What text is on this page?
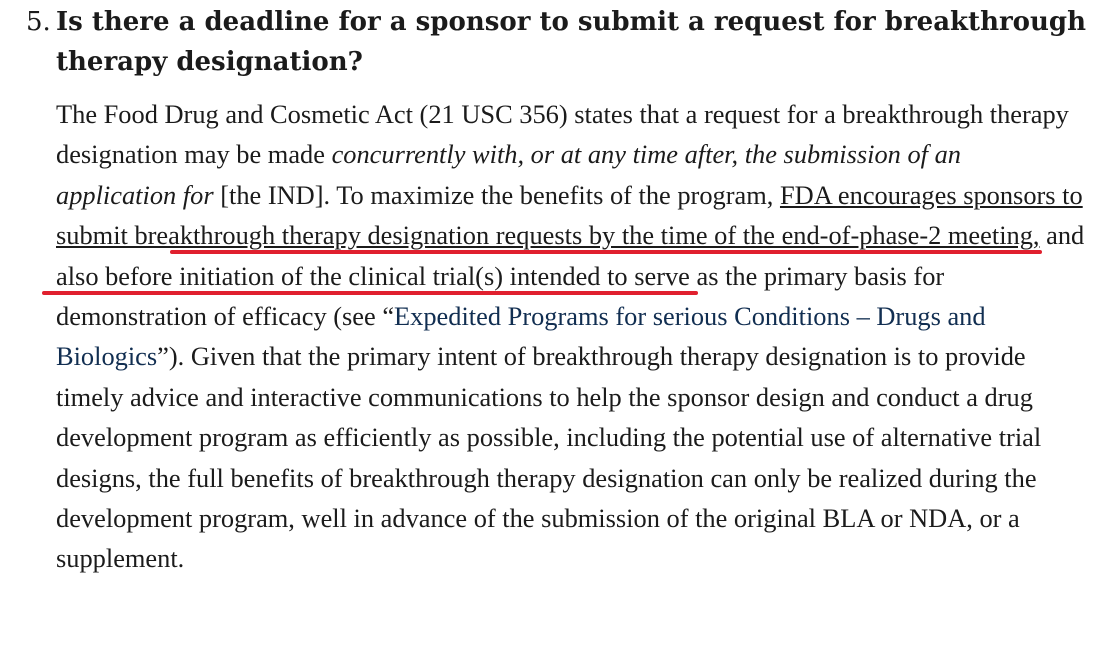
5. Is there a deadline for a sponsor to submit a request for breakthrough therapy designation?

The Food Drug and Cosmetic Act (21 USC 356) states that a request for a breakthrough therapy designation may be made concurrently with, or at any time after, the submission of an application for [the IND]. To maximize the benefits of the program, FDA encourages sponsors to submit breakthrough therapy designation requests by the time of the end-of-phase-2 meeting, and also before initiation of the clinical trial(s) intended to serve as the primary basis for demonstration of efficacy (see “Expedited Programs for serious Conditions – Drugs and Biologics”). Given that the primary intent of breakthrough therapy designation is to provide timely advice and interactive communications to help the sponsor design and conduct a drug development program as efficiently as possible, including the potential use of alternative trial designs, the full benefits of breakthrough therapy designation can only be realized during the development program, well in advance of the submission of the original BLA or NDA, or a supplement.
